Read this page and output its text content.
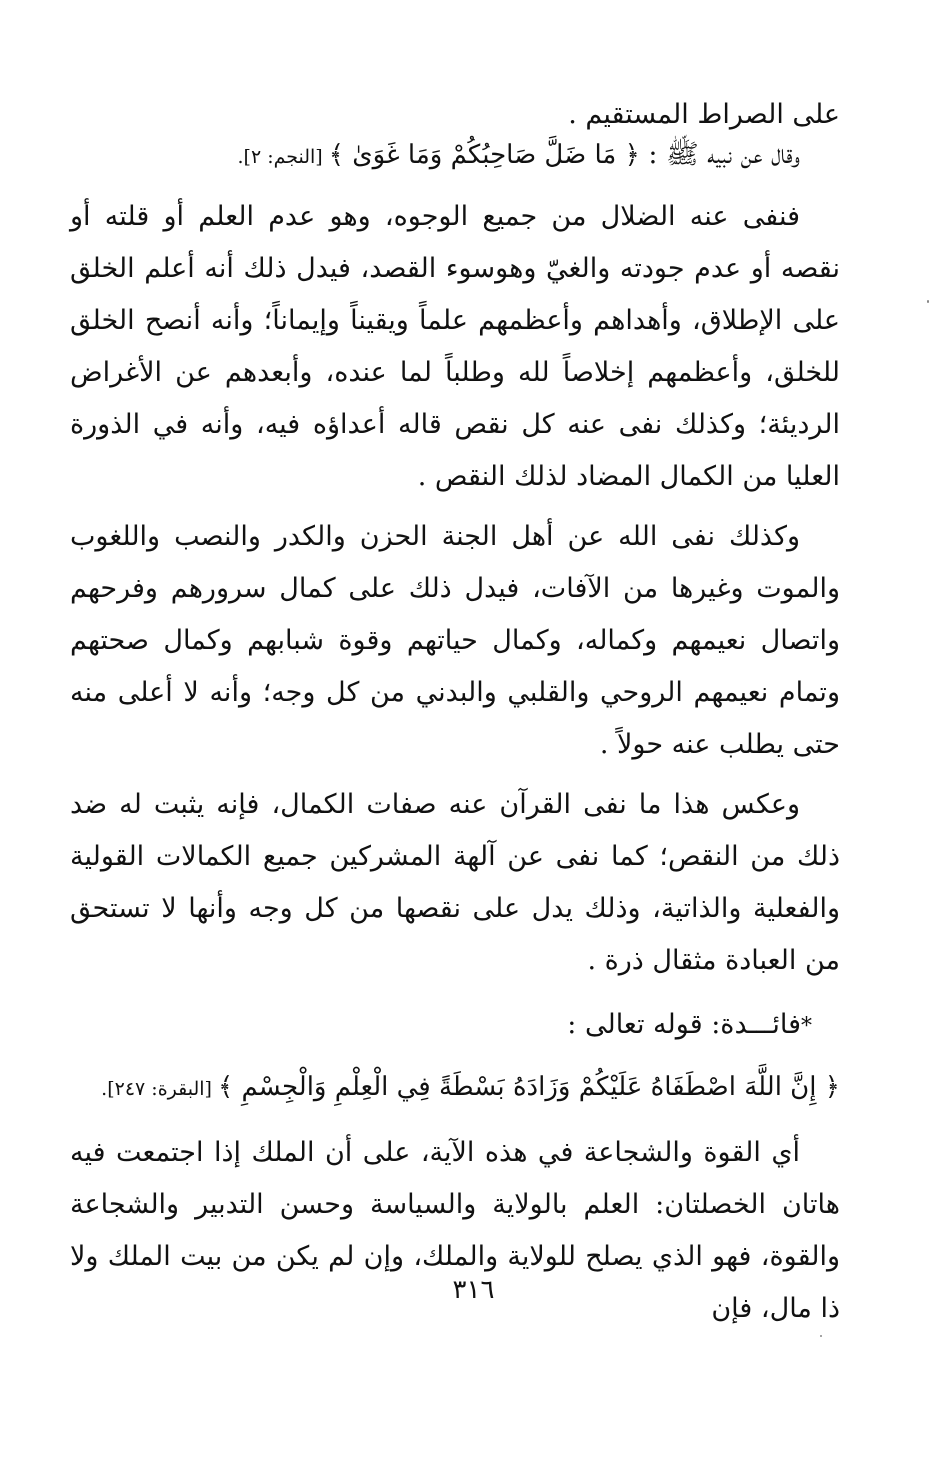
على الصراط المستقيم .

وقال عن نبيه ﷺ : ﴿ مَا ضَلَّ صَاحِبُكُمْ وَمَا غَوَىٰ ﴾ [النجم: ٢].

فنفى عنه الضلال من جميع الوجوه، وهو عدم العلم أو قلته أو نقصه أو عدم جودته والغيّ وهوسوء القصد، فيدل ذلك أنه أعلم الخلق على الإطلاق، وأهداهم وأعظمهم علماً ويقيناً وإيماناً؛ وأنه أنصح الخلق للخلق، وأعظمهم إخلاصاً لله وطلباً لما عنده، وأبعدهم عن الأغراض الرديئة؛ وكذلك نفى عنه كل نقص قاله أعداؤه فيه، وأنه في الذورة العليا من الكمال المضاد لذلك النقص .

وكذلك نفى الله عن أهل الجنة الحزن والكدر والنصب واللغوب والموت وغيرها من الآفات، فيدل ذلك على كمال سرورهم وفرحهم واتصال نعيمهم وكماله، وكمال حياتهم وقوة شبابهم وكمال صحتهم وتمام نعيمهم الروحي والقلبي والبدني من كل وجه؛ وأنه لا أعلى منه حتى يطلب عنه حولاً .

وعكس هذا ما نفى القرآن عنه صفات الكمال، فإنه يثبت له ضد ذلك من النقص؛ كما نفى عن آلهة المشركين جميع الكمالات القولية والفعلية والذاتية، وذلك يدل على نقصها من كل وجه وأنها لا تستحق من العبادة مثقال ذرة .

*فائـــدة: قوله تعالى :

﴿ إِنَّ اللَّهَ اصْطَفَاهُ عَلَيْكُمْ وَزَادَهُ بَسْطَةً فِي الْعِلْمِ وَالْجِسْمِ ﴾ [البقرة: ٢٤٧].

أي القوة والشجاعة في هذه الآية، على أن الملك إذا اجتمعت فيه هاتان الخصلتان: العلم بالولاية والسياسة وحسن التدبير والشجاعة والقوة، فهو الذي يصلح للولاية والملك، وإن لم يكن من بيت الملك ولا ذا مال، فإن

٣١٦
